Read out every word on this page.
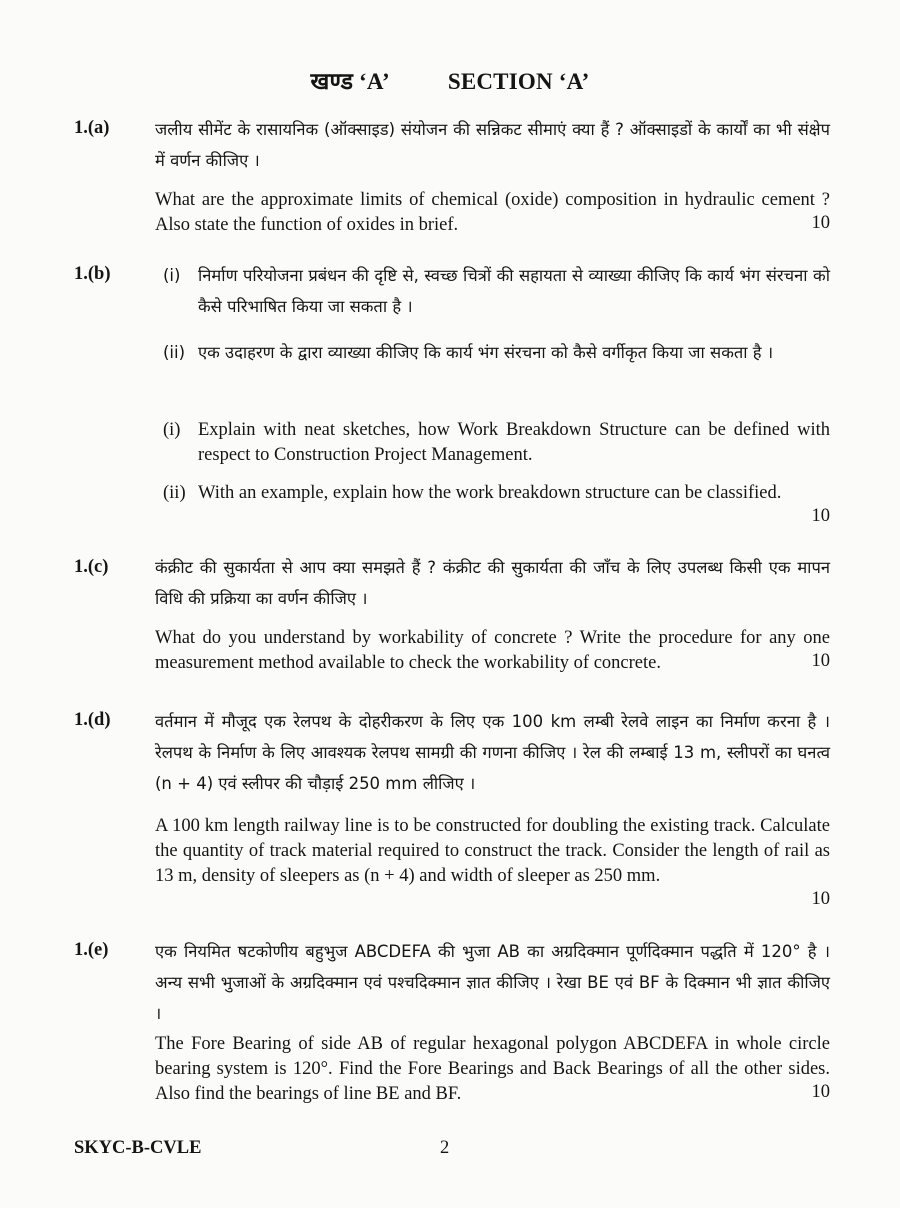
खण्ड ‘A’	SECTION ‘A’
1.(a)	जलीय सीमेंट के रासायनिक (ऑक्साइड) संयोजन की सन्निकट सीमाएं क्या हैं ? ऑक्साइडों के कार्यों का भी संक्षेप में वर्णन कीजिए ।
What are the approximate limits of chemical (oxide) composition in hydraulic cement ? Also state the function of oxides in brief.	10
1.(b)	(i) निर्माण परियोजना प्रबंधन की दृष्टि से, स्वच्छ चित्रों की सहायता से व्याख्या कीजिए कि कार्य भंग संरचना को कैसे परिभाषित किया जा सकता है ।
(ii) एक उदाहरण के द्वारा व्याख्या कीजिए कि कार्य भंग संरचना को कैसे वर्गीकृत किया जा सकता है ।
(i) Explain with neat sketches, how Work Breakdown Structure can be defined with respect to Construction Project Management.
(ii) With an example, explain how the work breakdown structure can be classified.
10
1.(c)	कंक्रीट की सुकार्यता से आप क्या समझते हैं ? कंक्रीट की सुकार्यता की जाँच के लिए उपलब्ध किसी एक मापन विधि की प्रक्रिया का वर्णन कीजिए ।
What do you understand by workability of concrete ? Write the procedure for any one measurement method available to check the workability of concrete.	10
1.(d)	वर्तमान में मौजूद एक रेलपथ के दोहरीकरण के लिए एक 100 km लम्बी रेलवे लाइन का निर्माण करना है । रेलपथ के निर्माण के लिए आवश्यक रेलपथ सामग्री की गणना कीजिए । रेल की लम्बाई 13 m, स्लीपरों का घनत्व (n + 4) एवं स्लीपर की चौड़ाई 250 mm लीजिए ।
A 100 km length railway line is to be constructed for doubling the existing track. Calculate the quantity of track material required to construct the track. Consider the length of rail as 13 m, density of sleepers as (n + 4) and width of sleeper as 250 mm.
10
1.(e)	एक नियमित षटकोणीय बहुभुज ABCDEFA की भुजा AB का अग्रदिक्मान पूर्णदिक्मान पद्धति में 120° है । अन्य सभी भुजाओं के अग्रदिक्मान एवं पश्चदिक्मान ज्ञात कीजिए । रेखा BE एवं BF के दिक्मान भी ज्ञात कीजिए ।
The Fore Bearing of side AB of regular hexagonal polygon ABCDEFA in whole circle bearing system is 120°. Find the Fore Bearings and Back Bearings of all the other sides. Also find the bearings of line BE and BF.	10
SKYC-B-CVLE	2
